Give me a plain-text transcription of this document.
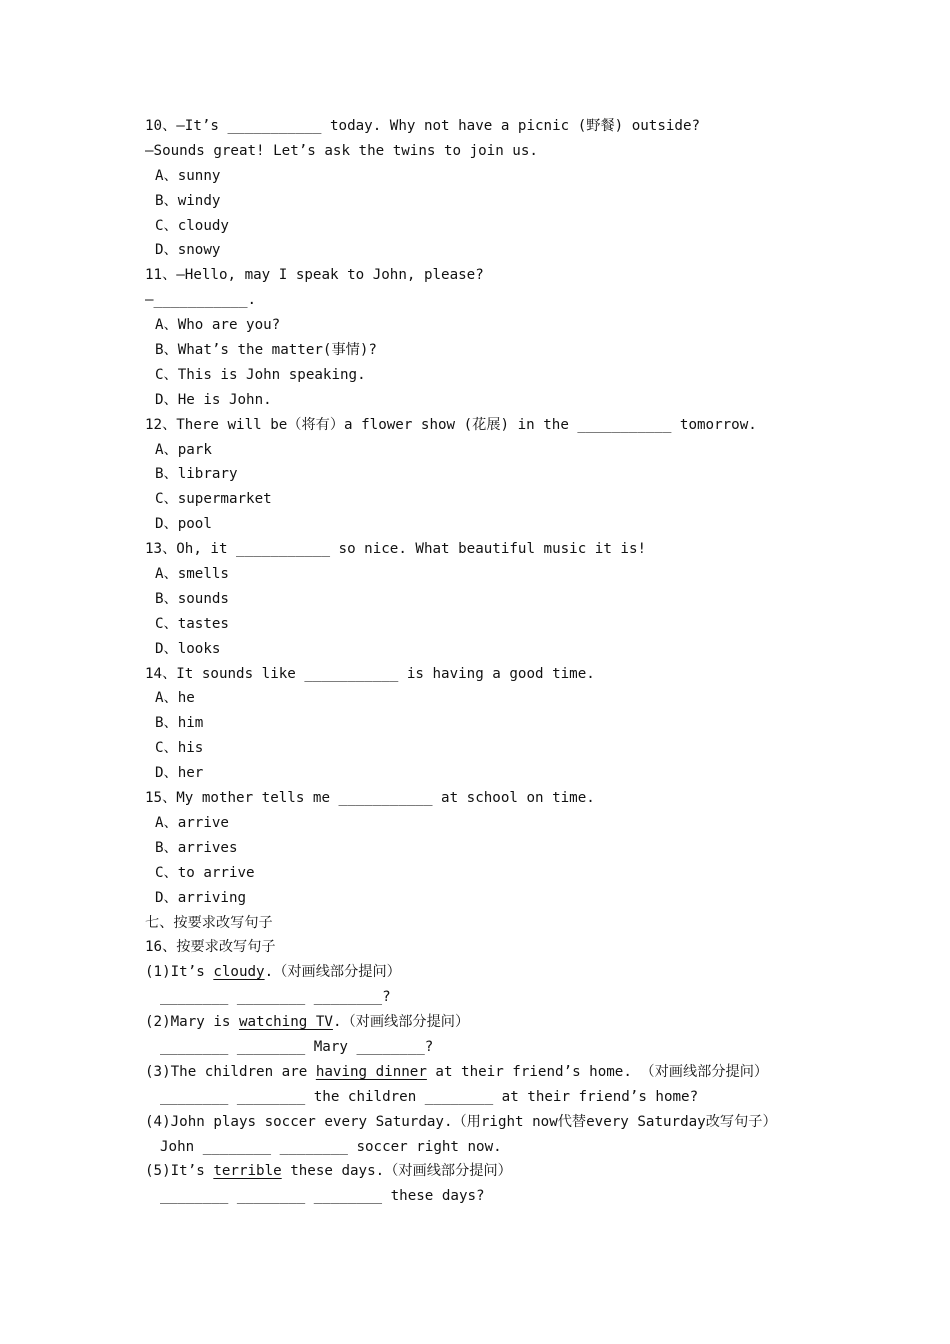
10、—It’s ___________ today. Why not have a picnic (野餐) outside?
—Sounds great! Let’s ask the twins to join us.
A、sunny
B、windy
C、cloudy
D、snowy
11、—Hello, may I speak to John, please?
—___________.
A、Who are you?
B、What’s the matter(事情)?
C、This is John speaking.
D、He is John.
12、There will be（将有）a flower show (花展) in the ___________ tomorrow.
A、park
B、library
C、supermarket
D、pool
13、Oh, it ___________ so nice. What beautiful music it is!
A、smells
B、sounds
C、tastes
D、looks
14、It sounds like ___________ is having a good time.
A、he
B、him
C、his
D、her
15、My mother tells me ___________ at school on time.
A、arrive
B、arrives
C、to arrive
D、arriving
七、按要求改写句子
16、按要求改写句子
(1)It’s cloudy.（对画线部分提问）
________ ________ ________?
(2)Mary is watching TV.（对画线部分提问）
________ ________ Mary ________?
(3)The children are having dinner at their friend’s home. （对画线部分提问）
________ ________ the children ________ at their friend’s home?
(4)John plays soccer every Saturday.（用right now代替every Saturday改写句子）
John ________ ________ soccer right now.
(5)It’s terrible these days.（对画线部分提问）
________ ________ ________ these days?
